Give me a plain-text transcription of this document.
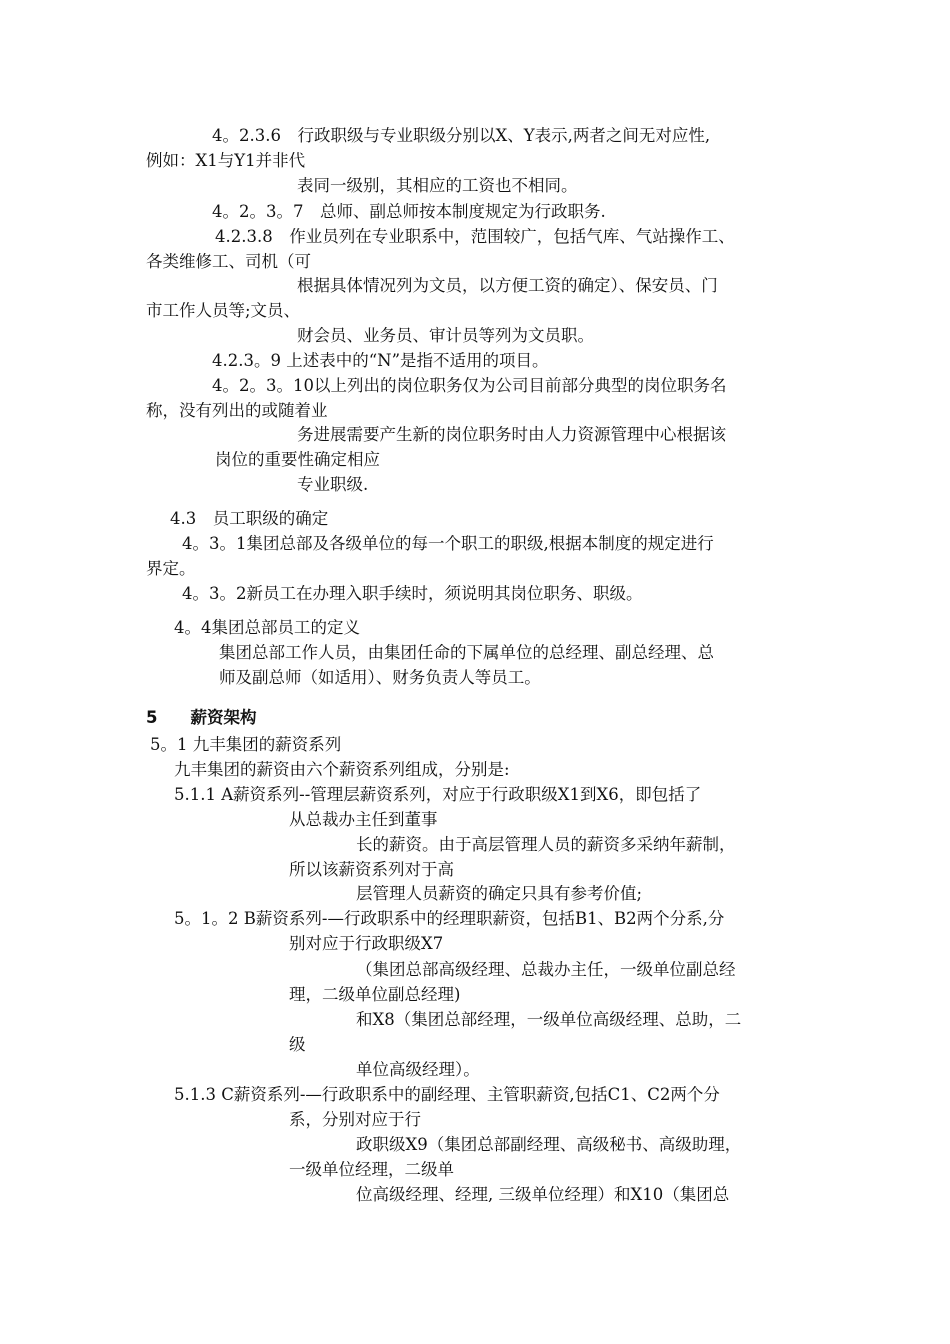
4。2.3.6　行政职级与专业职级分别以X、Y表示,两者之间无对应性,
例如：X1与Y1并非代
表同一级别，其相应的工资也不相同。
4。2。3。7　总师、副总师按本制度规定为行政职务.
4.2.3.8　作业员列在专业职系中，范围较广，包括气库、气站操作工、
各类维修工、司机（可
根据具体情况列为文员，以方便工资的确定）、保安员、门
市工作人员等;文员、
财会员、业务员、审计员等列为文员职。
4.2.3。9 上述表中的“N”是指不适用的项目。
4。2。3。10以上列出的岗位职务仅为公司目前部分典型的岗位职务名
称，没有列出的或随着业
务进展需要产生新的岗位职务时由人力资源管理中心根据该
岗位的重要性确定相应
专业职级.
4.3　员工职级的确定
4。3。1集团总部及各级单位的每一个职工的职级,根据本制度的规定进行
界定。
4。3。2新员工在办理入职手续时，须说明其岗位职务、职级。
4。4集团总部员工的定义
集团总部工作人员，由集团任命的下属单位的总经理、副总经理、总
师及副总师（如适用）、财务负责人等员工。
5　　薪资架构
5。1 九丰集团的薪资系列
九丰集团的薪资由六个薪资系列组成，分别是:
5.1.1 A薪资系列--管理层薪资系列，对应于行政职级X1到X6，即包括了
从总裁办主任到董事
长的薪资。由于高层管理人员的薪资多采纳年薪制，
所以该薪资系列对于高
层管理人员薪资的确定只具有参考价值;
5。1。2 B薪资系列-—行政职系中的经理职薪资，包括B1、B2两个分系,分
别对应于行政职级X7
（集团总部高级经理、总裁办主任，一级单位副总经
理，二级单位副总经理)
和X8（集团总部经理，一级单位高级经理、总助，二
级
单位高级经理）。
5.1.3 C薪资系列-—行政职系中的副经理、主管职薪资,包括C1、C2两个分
系，分别对应于行
政职级X9（集团总部副经理、高级秘书、高级助理，
一级单位经理，二级单
位高级经理、经理, 三级单位经理）和X10（集团总
